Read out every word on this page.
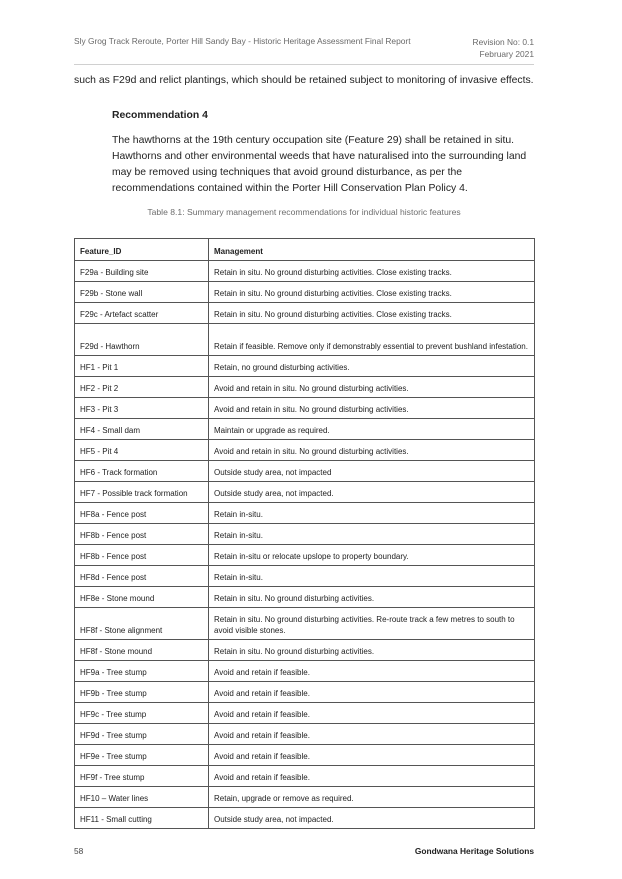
Sly Grog Track Reroute, Porter Hill Sandy Bay - Historic Heritage Assessment Final Report	Revision No: 0.1
February 2021
such as F29d and relict plantings, which should be retained subject to monitoring of invasive effects.
Recommendation 4
The hawthorns at the 19th century occupation site (Feature 29) shall be retained in situ. Hawthorns and other environmental weeds that have naturalised into the surrounding land may be removed using techniques that avoid ground disturbance, as per the recommendations contained within the Porter Hill Conservation Plan Policy 4.
Table 8.1: Summary management recommendations for individual historic features
Feature_ID	Management
F29a - Building site	Retain in situ. No ground disturbing activities. Close existing tracks.
F29b - Stone wall	Retain in situ. No ground disturbing activities. Close existing tracks.
F29c - Artefact scatter	Retain in situ. No ground disturbing activities. Close existing tracks.
F29d - Hawthorn	Retain if feasible. Remove only if demonstrably essential to prevent bushland infestation.
HF1 - Pit 1	Retain, no ground disturbing activities.
HF2 - Pit 2	Avoid and retain in situ. No ground disturbing activities.
HF3 - Pit 3	Avoid and retain in situ. No ground disturbing activities.
HF4 - Small dam	Maintain or upgrade as required.
HF5 - Pit 4	Avoid and retain in situ. No ground disturbing activities.
HF6 - Track formation	Outside study area, not impacted
HF7 - Possible track formation	Outside study area, not impacted.
HF8a - Fence post	Retain in-situ.
HF8b - Fence post	Retain in-situ.
HF8b - Fence post	Retain in-situ or relocate upslope to property boundary.
HF8d - Fence post	Retain in-situ.
HF8e - Stone mound	Retain in situ. No ground disturbing activities.
HF8f - Stone alignment	Retain in situ. No ground disturbing activities. Re-route track a few metres to south to avoid visible stones.
HF8f - Stone mound	Retain in situ. No ground disturbing activities.
HF9a - Tree stump	Avoid and retain if feasible.
HF9b - Tree stump	Avoid and retain if feasible.
HF9c - Tree stump	Avoid and retain if feasible.
HF9d - Tree stump	Avoid and retain if feasible.
HF9e - Tree stump	Avoid and retain if feasible.
HF9f - Tree stump	Avoid and retain if feasible.
HF10 – Water lines	Retain, upgrade or remove as required.
HF11 - Small cutting	Outside study area, not impacted.
58	Gondwana Heritage Solutions
